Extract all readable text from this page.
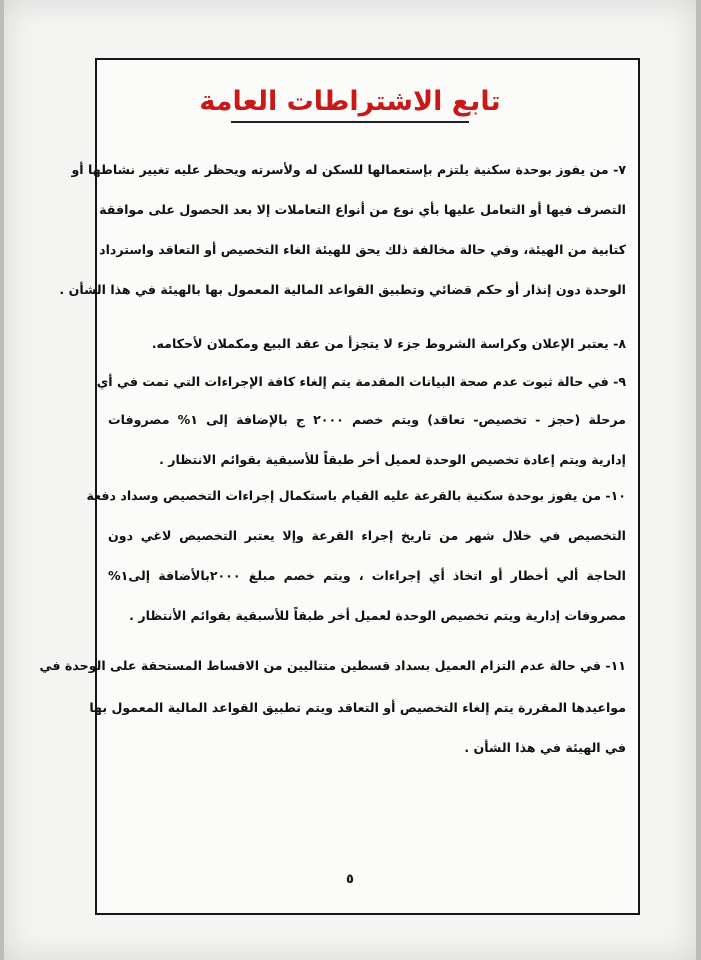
تابع الاشتراطات العامة
٧- من يفوز بوحدة سكنية يلتزم بإستعمالها للسكن له ولأسرته ويحظر عليه تغيير نشاطها أو
التصرف فيها أو التعامل عليها بأي نوع من أنواع التعاملات إلا بعد الحصول على موافقة
كتابية من الهيئة، وفي حالة مخالفة ذلك يحق للهيئة الغاء التخصيص أو التعاقد واسترداد
الوحدة دون إنذار أو حكم قضائي وتطبيق القواعد المالية المعمول بها بالهيئة في هذا الشأن .
٨- يعتبر الإعلان وكراسة الشروط جزء لا يتجزأ من عقد البيع ومكملان لأحكامه.
٩- في حالة ثبوت عدم صحة البيانات المقدمة يتم إلغاء كافة الإجراءات التي تمت في أي
مرحلة (حجز - تخصيص- تعاقد) ويتم خصم ٢٠٠٠ ج بالإضافة إلى ١% مصروفات
إدارية ويتم إعادة تخصيص الوحدة لعميل أخر طبقاً للأسبقية بقوائم الانتظار .
١٠- من يفوز بوحدة سكنية بالقرعة عليه القيام باستكمال إجراءات التخصيص وسداد دفعة
التخصيص في خلال شهر من تاريخ إجراء القرعة وإلا يعتبر التخصيص لاغي دون
الحاجة ألي أخطار أو اتخاذ أي إجراءات ، ويتم خصم مبلغ ٢٠٠٠بالأضافة إلى١%
مصروفات إدارية ويتم تخصيص الوحدة لعميل أخر طبقاً للأسبقية بقوائم الأنتظار .
١١- في حالة عدم التزام العميل بسداد قسطين متتاليين من الاقساط المستحقة على الوحدة في
مواعيدها المقررة يتم إلغاء التخصيص أو التعاقد ويتم تطبيق القواعد المالية المعمول بها
في الهيئة في هذا الشأن .
٥
